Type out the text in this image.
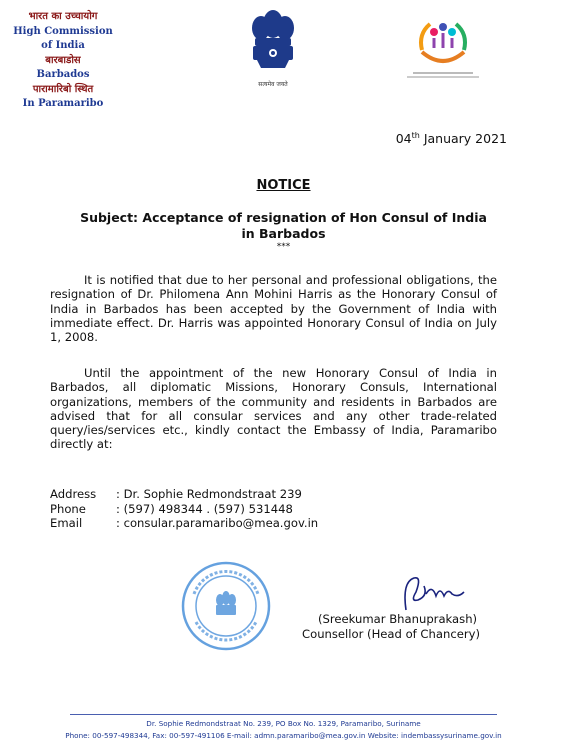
भारत का उच्चायोग
High Commission of India
बारबाडोस
Barbados
पारामारिबो स्थित
In Paramaribo
सत्यमेव जयते
04th January 2021
NOTICE
Subject: Acceptance of resignation of Hon Consul of India
in Barbados
***
It is notified that due to her personal and professional obligations, the resignation of Dr. Philomena Ann Mohini Harris as the Honorary Consul of India in Barbados has been accepted by the Government of India with immediate effect. Dr. Harris was appointed Honorary Consul of India on July 1, 2008.
Until the appointment of the new Honorary Consul of India in Barbados, all diplomatic Missions, Honorary Consuls, International organizations, members of the community and residents in Barbados are advised that for all consular services and any other trade-related query/ies/services etc., kindly contact the Embassy of India, Paramaribo directly at:
Address	: Dr. Sophie Redmondstraat 239
Phone	: (597) 498344 . (597) 531448
Email	: consular.paramaribo@mea.gov.in
(Sreekumar Bhanuprakash)
Counsellor (Head of Chancery)
Dr. Sophie Redmondstraat No. 239, PO Box No. 1329, Paramaribo, Suriname
Phone: 00-597-498344, Fax: 00-597-491106 E-mail: admn.paramaribo@mea.gov.in Website: indembassysuriname.gov.in
